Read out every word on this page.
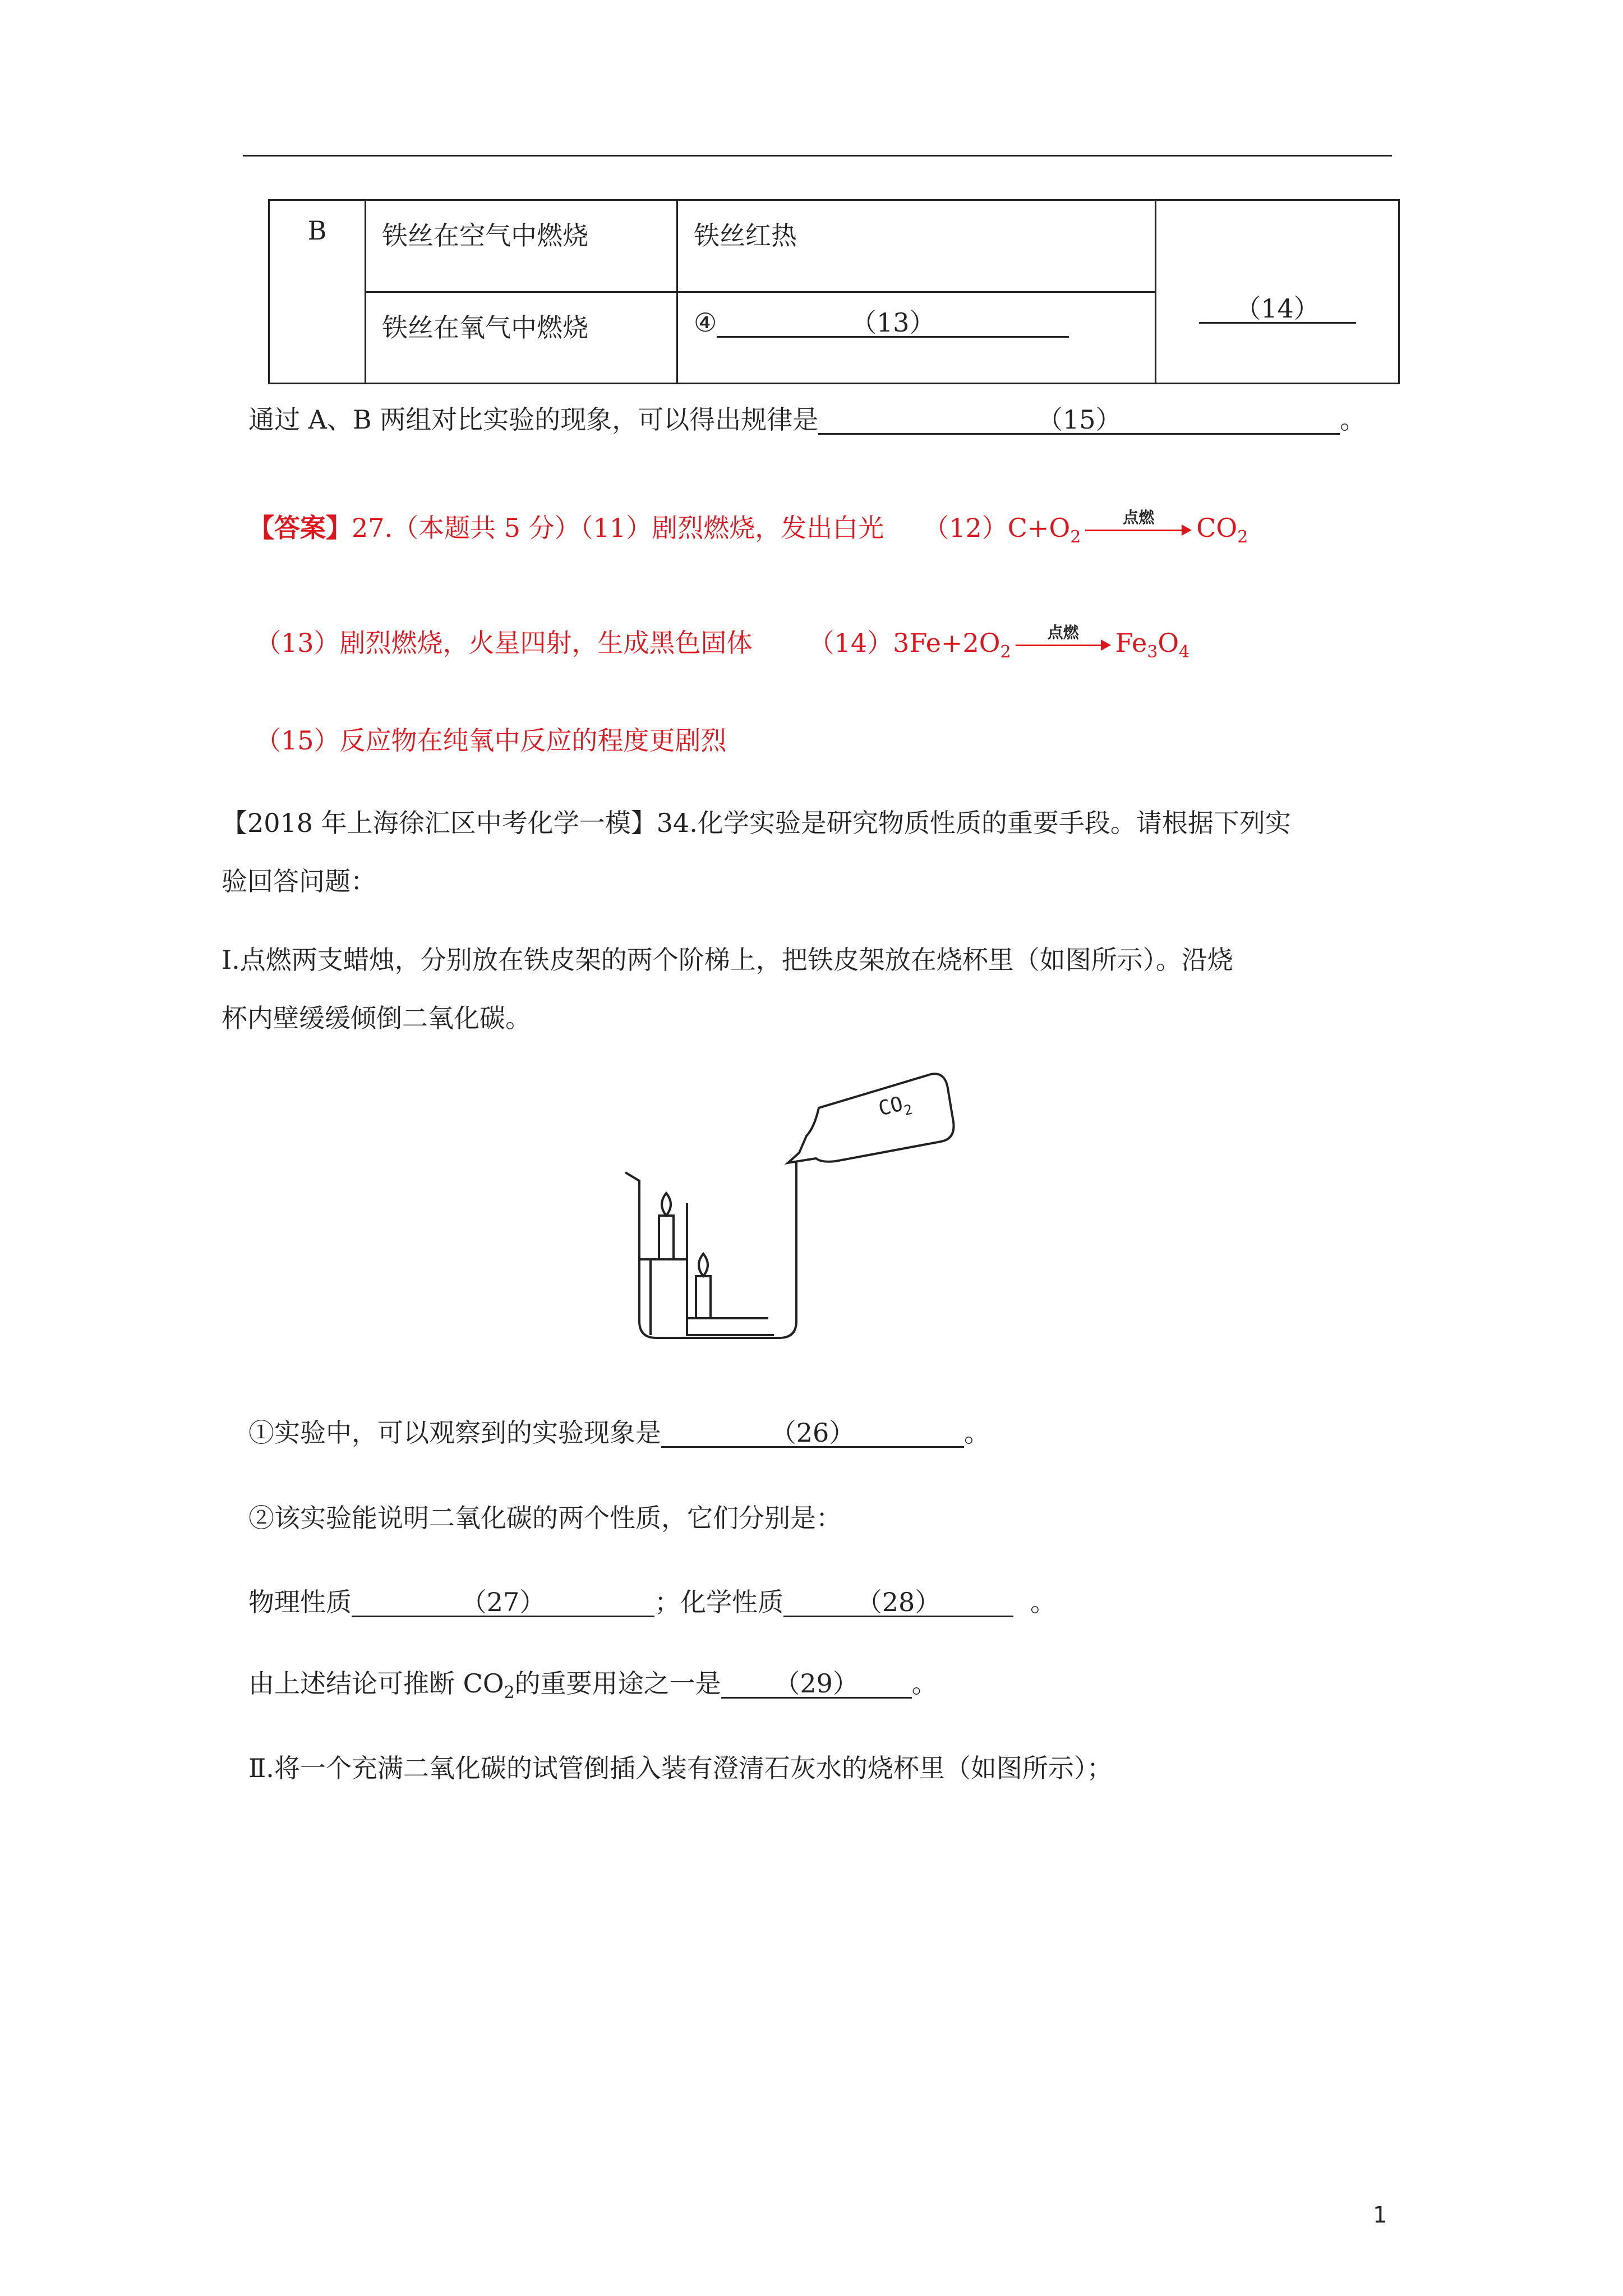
B	铁丝在空气中燃烧	铁丝红热	（14）
	铁丝在氧气中燃烧	④ （13）	
通过 A、B 两组对比实验的现象，可以得出规律是	（15）	。
【答案】27.（本题共 5 分）（11）剧烈燃烧，发出白光 $(12)C+O_2$
点燃	$CO_2$
（13）剧烈燃烧，火星四射，生成黑色固体 $(14)3Fe+2O_2$
点燃	$Fe_3O_4$
（15）反应物在纯氧中反应的程度更剧烈
【2018 年上海徐汇区中考化学一模】34.化学实验是研究物质性质的重要手段。请根据下列实
验回答问题：
Ⅰ.点燃两支蜡烛，分别放在铁皮架的两个阶梯上，把铁皮架放在烧杯里（如图所示）。沿烧
杯内壁缓缓倾倒二氧化碳。
$CO_2$
①实验中，可以观察到的实验现象是	（26）	。
②该实验能说明二氧化碳的两个性质，它们分别是：
物理性质	（27）	；化学性质	（28）	。
由上述结论可推断 $CO_2$的重要用途之一是 （29） 。
Ⅱ.将一个充满二氧化碳的试管倒插入装有澄清石灰水的烧杯里（如图所示）；
1
